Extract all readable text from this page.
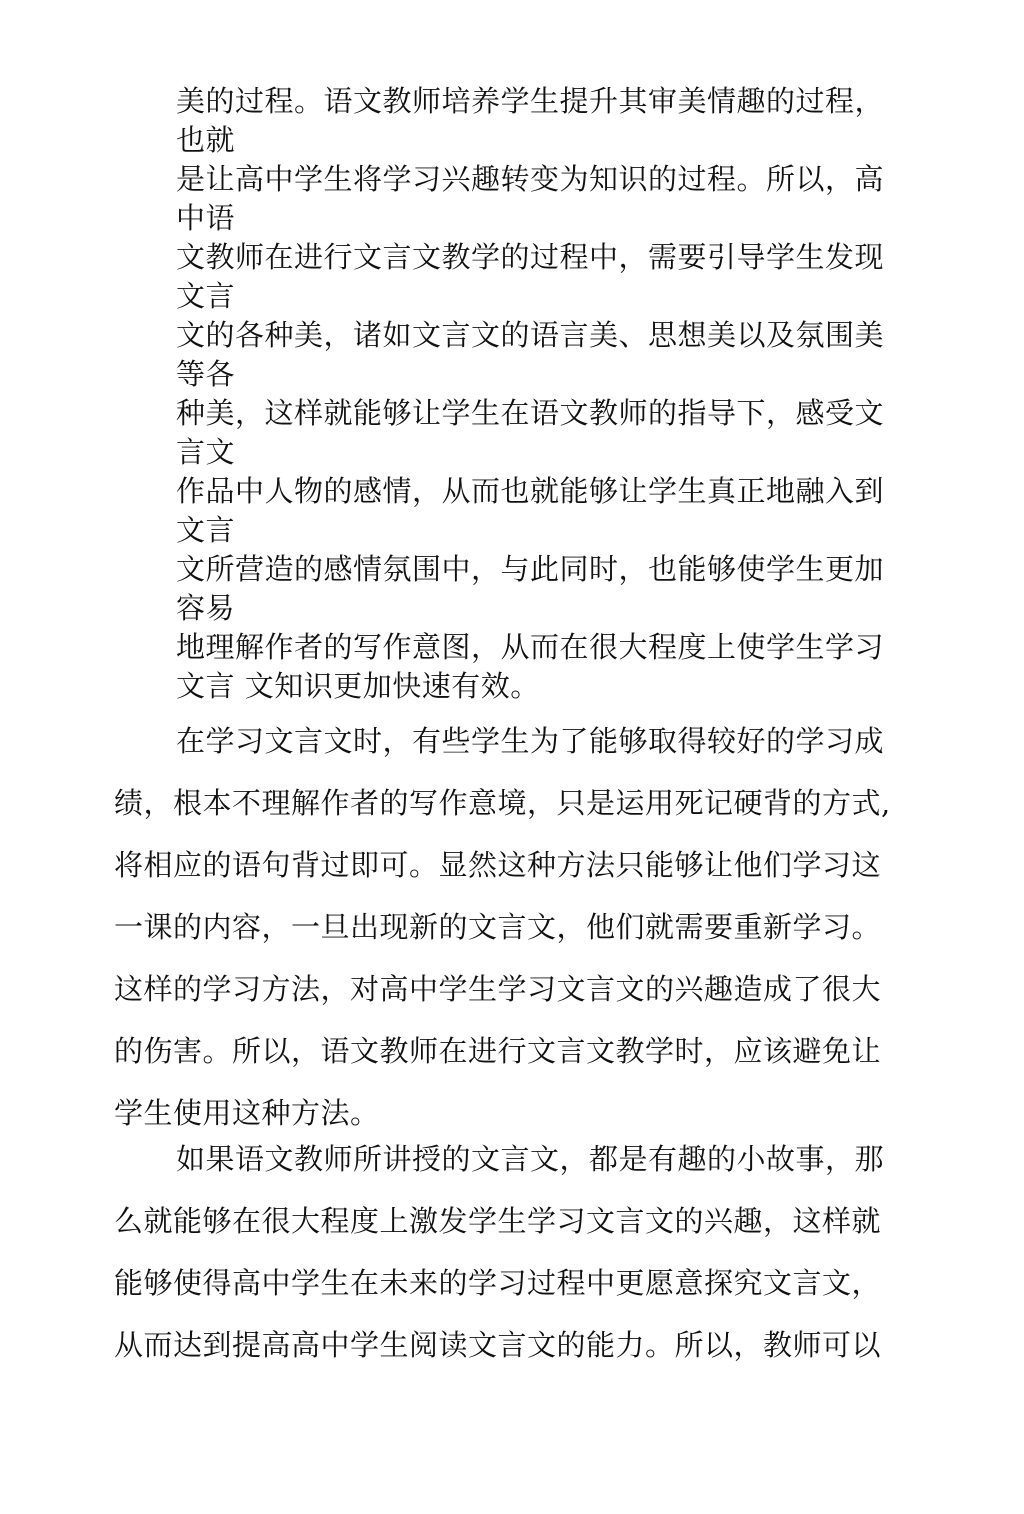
美的过程。语文教师培养学生提升其审美情趣的过程，
也就
是让高中学生将学习兴趣转变为知识的过程。所以，高
中语
文教师在进行文言文教学的过程中，需要引导学生发现
文言
文的各种美，诸如文言文的语言美、思想美以及氛围美
等各
种美，这样就能够让学生在语文教师的指导下，感受文
言文
作品中人物的感情，从而也就能够让学生真正地融入到
文言
文所营造的感情氛围中，与此同时，也能够使学生更加
容易
地理解作者的写作意图，从而在很大程度上使学生学习
文言 文知识更加快速有效。
在学习文言文时，有些学生为了能够取得较好的学习成
绩，根本不理解作者的写作意境，只是运用死记硬背的方式,
将相应的语句背过即可。显然这种方法只能够让他们学习这
一课的内容，一旦出现新的文言文，他们就需要重新学习。
这样的学习方法，对高中学生学习文言文的兴趣造成了很大
的伤害。所以，语文教师在进行文言文教学时，应该避免让
学生使用这种方法。
如果语文教师所讲授的文言文，都是有趣的小故事，那
么就能够在很大程度上激发学生学习文言文的兴趣，这样就
能够使得高中学生在未来的学习过程中更愿意探究文言文，
从而达到提高高中学生阅读文言文的能力。所以，教师可以
